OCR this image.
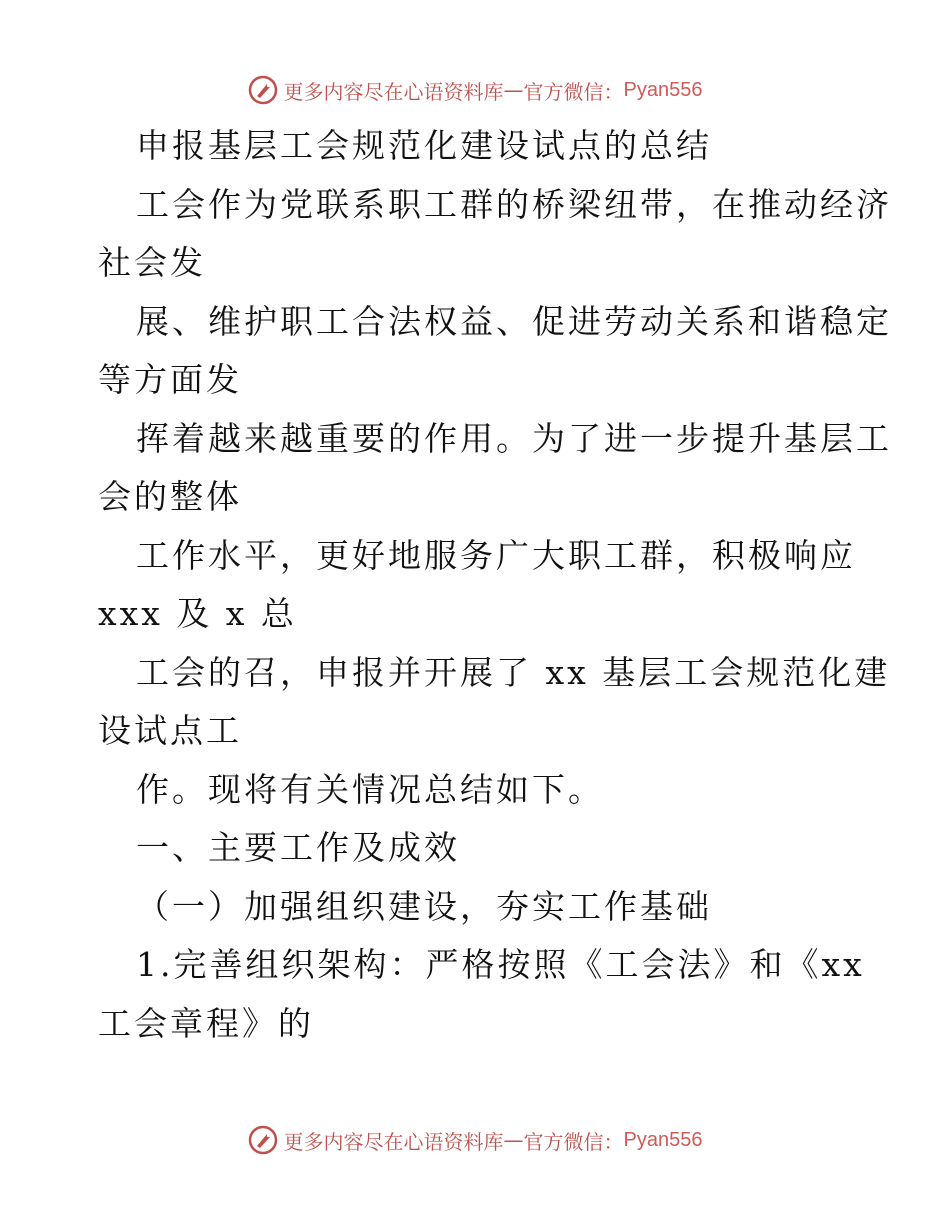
更多内容尽在心语资料库 — 官方微信： Pyan556
申报基层工会规范化建设试点的总结
工会作为党联系职工群的桥梁纽带，在推动经济
社会发
展、维护职工合法权益、促进劳动关系和谐稳定
等方面发
挥着越来越重要的作用。为了进一步提升基层工
会的整体
工作水平，更好地服务广大职工群，积极响应
xxx 及 x 总
工会的召，申报并开展了 xx 基层工会规范化建
设试点工
作。现将有关情况总结如下。
一、主要工作及成效
（一）加强组织建设，夯实工作基础
1.完善组织架构：严格按照《工会法》和《xx
工会章程》的
更多内容尽在心语资料库 — 官方微信： Pyan556
